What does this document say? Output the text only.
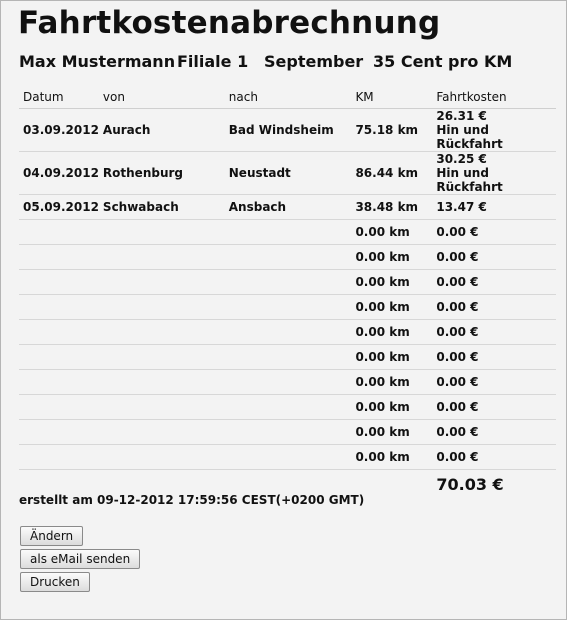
Fahrtkostenabrechnung
Max Mustermann Filiale 1 September 35 Cent pro KM
Datum	von	nach	KM	Fahrtkosten
03.09.2012	Aurach	Bad Windsheim	75.18 km	26.31 €
Hin und Rückfahrt

04.09.2012	Rothenburg	Neustadt	86.44 km	30.25 €
Hin und Rückfahrt

05.09.2012	Schwabach	Ansbach	38.48 km	13.47 €

			0.00 km	0.00 €

			0.00 km	0.00 €

			0.00 km	0.00 €

			0.00 km	0.00 €

			0.00 km	0.00 €

			0.00 km	0.00 €

			0.00 km	0.00 €

			0.00 km	0.00 €

			0.00 km	0.00 €

			0.00 km	0.00 €

				70.03 €
erstellt am 09-12-2012 17:59:56 CEST(+0200 GMT)
Ändern
als eMail senden
Drucken
